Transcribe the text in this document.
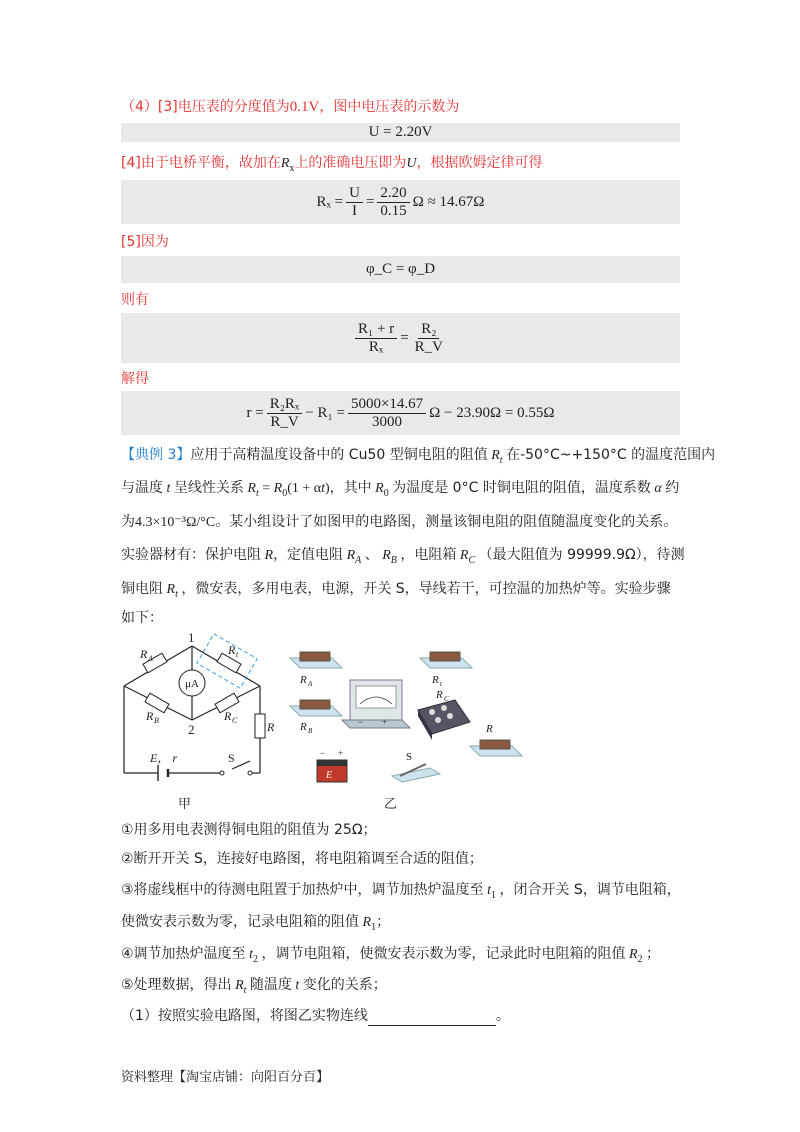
（4）[3]电压表的分度值为0.1V，图中电压表的示数为
U = 2.20V
[4]由于电桥平衡，故加在$R_x$上的准确电压即为U，根据欧姆定律可得
$R_x = \frac{U}{I} = \frac{2.20}{0.15}$ Ω ≈ 14.67Ω
[5]因为
φ_C = φ_D
则有
$\frac{\text{R₁ + r}}{\text{Rₓ}} = \frac{\text{R₂}}{R\_V}$
解得
$r = \frac{\text{R₂Rₓ}}{R\_V} - R_1 = \frac{5000\times 14.67}{3000}$ Ω − 23.90Ω = 0.55Ω
【典例 3】应用于高精温度设备中的 Cu50 型铜电阻的阻值 $R_t$ 在-50°C~+150°C 的温度范围内
与温度 t 呈线性关系 $R_t = R_0(1 + \alpha t)$，其中 $R_0$ 为温度是 0°C 时铜电阻的阻值，温度系数 α 约
为4.3×10⁻³Ω/°C。某小组设计了如图甲的电路图，测量该铜电阻的阻值随温度变化的关系。
实验器材有：保护电阻 R，定值电阻 $R_A$ 、 $R_B$ ，电阻箱 $R_C$ （最大阻值为 99999.9Ω），待测
铜电阻 $R_t$ ，微安表，多用电表，电源，开关 S，导线若干，可控温的加热炉等。实验步骤
如下：
μA
R A
R t
R B	R C
1
2	R
E， r	S
甲
R A
R B
− +
R t
R C
R
E
− +	S
乙
①用多用电表测得铜电阻的阻值为 25Ω；
②断开开关 S，连接好电路图，将电阻箱调至合适的阻值；
③将虚线框中的待测电阻置于加热炉中，调节加热炉温度至 $t_1$ ，闭合开关 S，调节电阻箱，
使微安表示数为零，记录电阻箱的阻值 $R_1$；
④调节加热炉温度至 $t_2$ ，调节电阻箱，使微安表示数为零，记录此时电阻箱的阻值 $R_2$ ；
⑤处理数据，得出 $R_t$ 随温度 t 变化的关系；
（1）按照实验电路图，将图乙实物连线	。
资料整理【淘宝店铺：向阳百分百】
